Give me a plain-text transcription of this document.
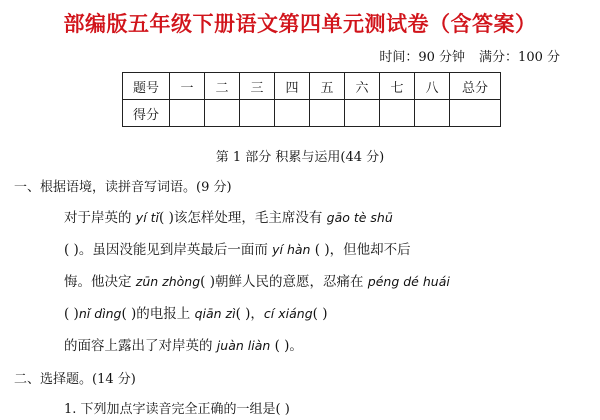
部编版五年级下册语文第四单元测试卷（含答案）
时间：90 分钟 满分：100 分
题号	一	二	三	四	五	六	七	八	总分
得分									
第 1 部分 积累与运用(44 分)
一、根据语境，读拼音写词语。(9 分)
对于岸英的 yí tǐ( )该怎样处理，毛主席没有 gāo tè shū
( )。虽因没能见到岸英最后一面而 yí hàn ( )，但他却不后
悔。他决定 zūn zhòng( )朝鲜人民的意愿，忍痛在 péng dé huái
( )nǐ dìng( )的电报上 qiān zì( )，cí xiáng( )
的面容上露出了对岸英的 juàn liàn ( )。
二、选择题。(14 分)
1. 下列加点字读音完全正确的一组是( )
